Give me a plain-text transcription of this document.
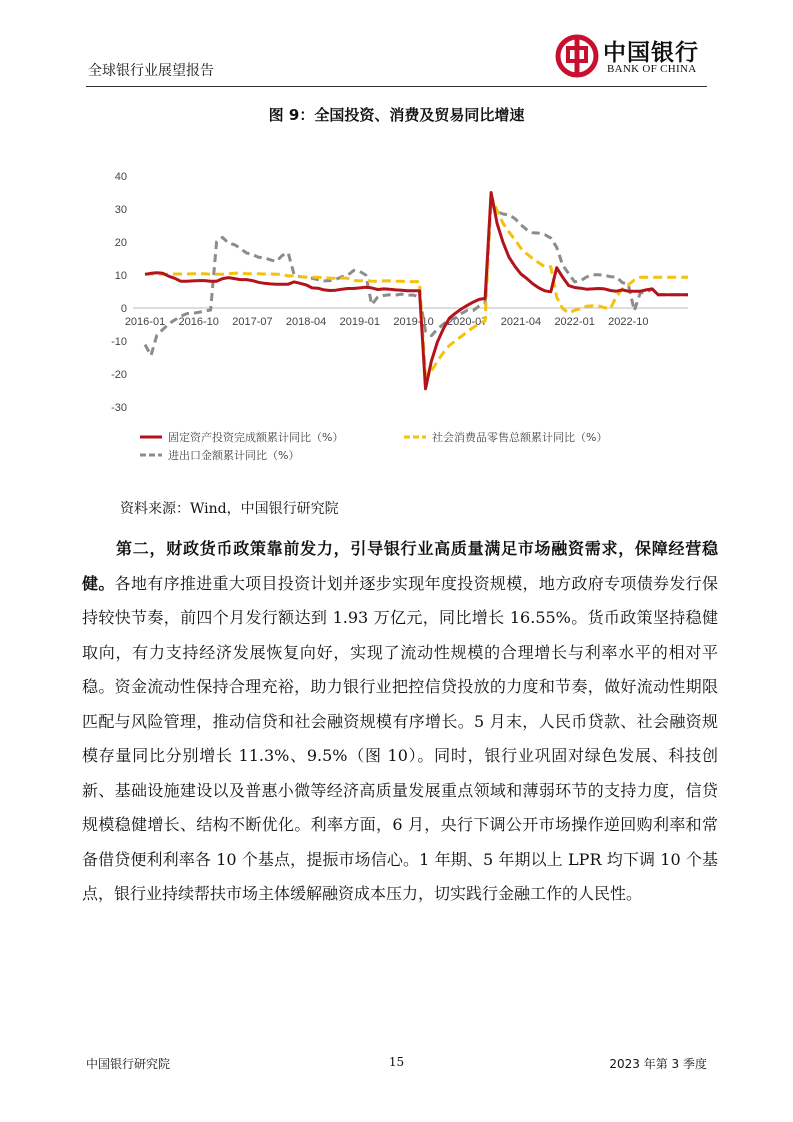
全球银行业展望报告
中国银行
BANK OF CHINA
图 9：全国投资、消费及贸易同比增速
40
30
20
10
0
-10
-20
-30
2016-01 2016-10 2017-07 2018-04 2019-01 2019-10 2020-07 2021-04 2022-01 2022-10
固定资产投资完成额累计同比（%）	社会消费品零售总额累计同比（%）
进出口金额累计同比（%）
资料来源：Wind，中国银行研究院
第二，财政货币政策靠前发力，引导银行业高质量满足市场融资需求，保障经营稳健。各地有序推进重大项目投资计划并逐步实现年度投资规模，地方政府专项债券发行保持较快节奏，前四个月发行额达到 1.93 万亿元，同比增长 16.55%。货币政策坚持稳健取向，有力支持经济发展恢复向好，实现了流动性规模的合理增长与利率水平的相对平稳。资金流动性保持合理充裕，助力银行业把控信贷投放的力度和节奏，做好流动性期限匹配与风险管理，推动信贷和社会融资规模有序增长。5 月末，人民币贷款、社会融资规模存量同比分别增长 11.3%、9.5%（图 10）。同时，银行业巩固对绿色发展、科技创新、基础设施建设以及普惠小微等经济高质量发展重点领域和薄弱环节的支持力度，信贷规模稳健增长、结构不断优化。利率方面，6 月，央行下调公开市场操作逆回购利率和常备借贷便利利率各 10 个基点，提振市场信心。1 年期、5 年期以上 LPR 均下调 10 个基点，银行业持续帮扶市场主体缓解融资成本压力，切实践行金融工作的人民性。
中国银行研究院	15	2023 年第 3 季度
